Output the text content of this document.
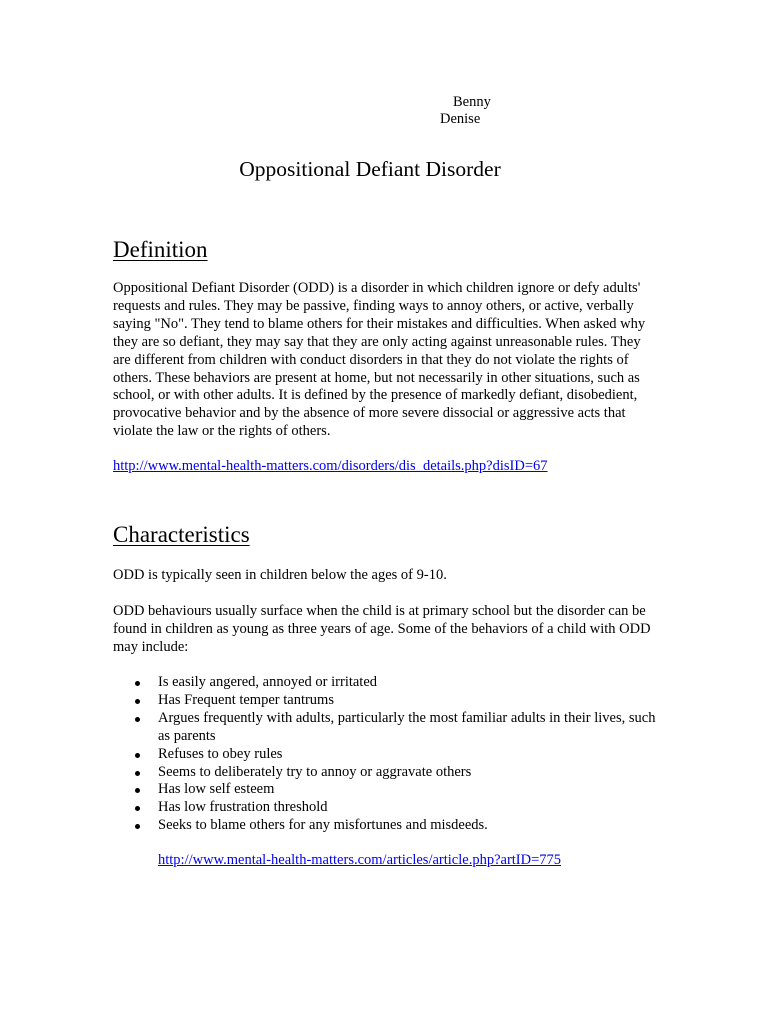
Benny
Denise
Oppositional Defiant Disorder
Definition

Oppositional Defiant Disorder (ODD) is a disorder in which children ignore or defy adults' requests and rules. They may be passive, finding ways to annoy others, or active, verbally saying "No". They tend to blame others for their mistakes and difficulties. When asked why they are so defiant, they may say that they are only acting against unreasonable rules. They are different from children with conduct disorders in that they do not violate the rights of others. These behaviors are present at home, but not necessarily in other situations, such as school, or with other adults. It is defined by the presence of markedly defiant, disobedient, provocative behavior and by the absence of more severe dissocial or aggressive acts that violate the law or the rights of others.

http://www.mental-health-matters.com/disorders/dis_details.php?disID=67

Characteristics

ODD is typically seen in children below the ages of 9-10.

ODD behaviours usually surface when the child is at primary school but the disorder can be found in children as young as three years of age. Some of the behaviors of a child with ODD may include:

Is easily angered, annoyed or irritated
Has Frequent temper tantrums
Argues frequently with adults, particularly the most familiar adults in their lives, such as parents
Refuses to obey rules
Seems to deliberately try to annoy or aggravate others
Has low self esteem
Has low frustration threshold
Seeks to blame others for any misfortunes and misdeeds.

http://www.mental-health-matters.com/articles/article.php?artID=775
